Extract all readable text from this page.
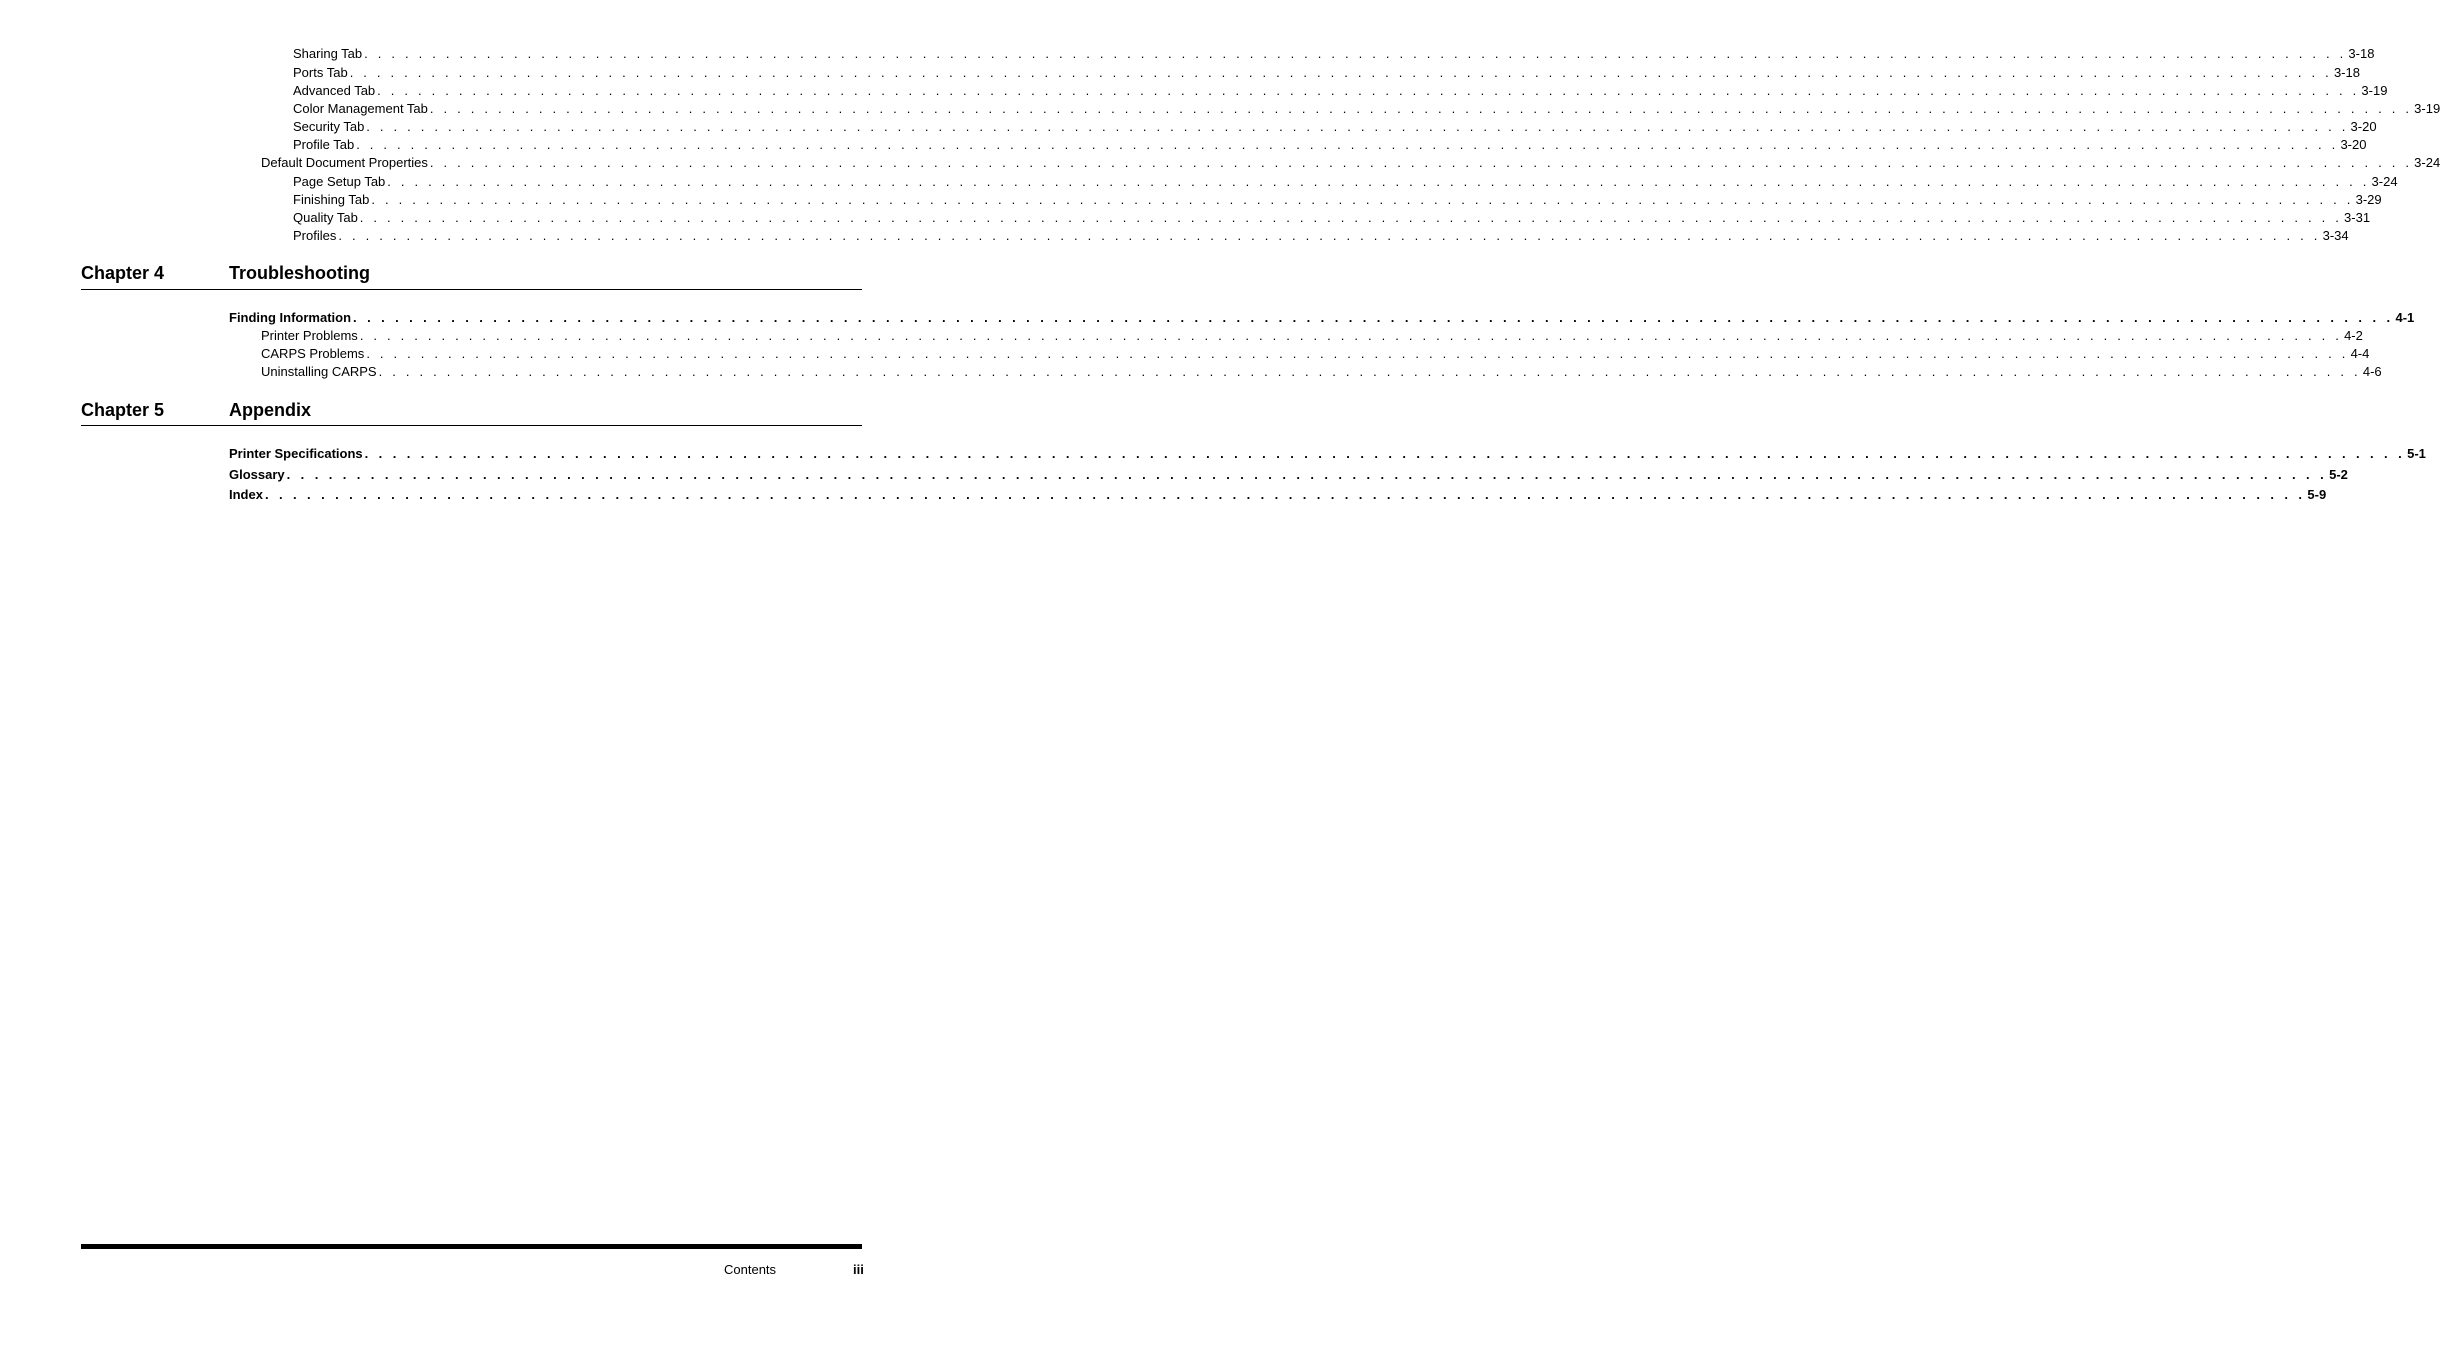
Sharing Tab . . . . . . . . . . . . . . . . . . . . . . . . . . . . . . . . . . . . . . . . . . . . . . . . . . . . . . . . . . . . . . . . . . . . . . . . . . . . . . . . . . . . . . . . . . . . . . . . . . . . . . . . . . . . . . . . . . . . . . . . . . . . . . . . . . . . . . . . . . . . . . . . . . 3-18
Ports Tab . . . . . . . . . . . . . . . . . . . . . . . . . . . . . . . . . . . . . . . . . . . . . . . . . . . . . . . . . . . . . . . . . . . . . . . . . . . . . . . . . . . . . . . . . . . . . . . . . . . . . . . . . . . . . . . . . . . . . . . . . . . . . . . . . . . . . . . . . . . . . . . . . . 3-18
Advanced Tab . . . . . . . . . . . . . . . . . . . . . . . . . . . . . . . . . . . . . . . . . . . . . . . . . . . . . . . . . . . . . . . . . . . . . . . . . . . . . . . . . . . . . . . . . . . . . . . . . . . . . . . . . . . . . . . . . . . . . . . . . . . . . . . . . . . . . . . . . . . . . . . . . . 3-19
Color Management Tab . . . . . . . . . . . . . . . . . . . . . . . . . . . . . . . . . . . . . . . . . . . . . . . . . . . . . . . . . . . . . . . . . . . . . . . . . . . . . . . . . . . . . . . . . . . . . . . . . . . . . . . . . . . . . . . . . . . . . . . . . . . . . . . . . . . . . . . . . . . . . . . . . . 3-19
Security Tab . . . . . . . . . . . . . . . . . . . . . . . . . . . . . . . . . . . . . . . . . . . . . . . . . . . . . . . . . . . . . . . . . . . . . . . . . . . . . . . . . . . . . . . . . . . . . . . . . . . . . . . . . . . . . . . . . . . . . . . . . . . . . . . . . . . . . . . . . . . . . . . . . . 3-20
Profile Tab . . . . . . . . . . . . . . . . . . . . . . . . . . . . . . . . . . . . . . . . . . . . . . . . . . . . . . . . . . . . . . . . . . . . . . . . . . . . . . . . . . . . . . . . . . . . . . . . . . . . . . . . . . . . . . . . . . . . . . . . . . . . . . . . . . . . . . . . . . . . . . . . . . 3-20
Default Document Properties . . . . . . . . . . . . . . . . . . . . . . . . . . . . . . . . . . . . . . . . . . . . . . . . . . . . . . . . . . . . . . . . . . . . . . . . . . . . . . . . . . . . . . . . . . . . . . . . . . . . . . . . . . . . . . . . . . . . . . . . . . . . . . . . . . . . . . . . . . . . . . . . . . 3-24
Page Setup Tab . . . . . . . . . . . . . . . . . . . . . . . . . . . . . . . . . . . . . . . . . . . . . . . . . . . . . . . . . . . . . . . . . . . . . . . . . . . . . . . . . . . . . . . . . . . . . . . . . . . . . . . . . . . . . . . . . . . . . . . . . . . . . . . . . . . . . . . . . . . . . . . . . . 3-24
Finishing Tab . . . . . . . . . . . . . . . . . . . . . . . . . . . . . . . . . . . . . . . . . . . . . . . . . . . . . . . . . . . . . . . . . . . . . . . . . . . . . . . . . . . . . . . . . . . . . . . . . . . . . . . . . . . . . . . . . . . . . . . . . . . . . . . . . . . . . . . . . . . . . . . . . . 3-29
Quality Tab . . . . . . . . . . . . . . . . . . . . . . . . . . . . . . . . . . . . . . . . . . . . . . . . . . . . . . . . . . . . . . . . . . . . . . . . . . . . . . . . . . . . . . . . . . . . . . . . . . . . . . . . . . . . . . . . . . . . . . . . . . . . . . . . . . . . . . . . . . . . . . . . . . 3-31
Profiles . . . . . . . . . . . . . . . . . . . . . . . . . . . . . . . . . . . . . . . . . . . . . . . . . . . . . . . . . . . . . . . . . . . . . . . . . . . . . . . . . . . . . . . . . . . . . . . . . . . . . . . . . . . . . . . . . . . . . . . . . . . . . . . . . . . . . . . . . . . . . . . . . . 3-34
Chapter 4	Troubleshooting
Finding Information . . . . . . . . . . . . . . . . . . . . . . . . . . . . . . . . . . . . . . . . . . . . . . . . . . . . . . . . . . . . . . . . . . . . . . . . . . . . . . . . . . . . . . . . . . . . . . . . . . . . . . . . . . . . . . . . . . . . . . . . . . . . . . . . . . . . . . . . . . . . . . . . . . 4-1
Printer Problems . . . . . . . . . . . . . . . . . . . . . . . . . . . . . . . . . . . . . . . . . . . . . . . . . . . . . . . . . . . . . . . . . . . . . . . . . . . . . . . . . . . . . . . . . . . . . . . . . . . . . . . . . . . . . . . . . . . . . . . . . . . . . . . . . . . . . . . . . . . . . . . . . . 4-2
CARPS Problems . . . . . . . . . . . . . . . . . . . . . . . . . . . . . . . . . . . . . . . . . . . . . . . . . . . . . . . . . . . . . . . . . . . . . . . . . . . . . . . . . . . . . . . . . . . . . . . . . . . . . . . . . . . . . . . . . . . . . . . . . . . . . . . . . . . . . . . . . . . . . . . . . . 4-4
Uninstalling CARPS . . . . . . . . . . . . . . . . . . . . . . . . . . . . . . . . . . . . . . . . . . . . . . . . . . . . . . . . . . . . . . . . . . . . . . . . . . . . . . . . . . . . . . . . . . . . . . . . . . . . . . . . . . . . . . . . . . . . . . . . . . . . . . . . . . . . . . . . . . . . . . . . . . 4-6
Chapter 5	Appendix
Printer Specifications . . . . . . . . . . . . . . . . . . . . . . . . . . . . . . . . . . . . . . . . . . . . . . . . . . . . . . . . . . . . . . . . . . . . . . . . . . . . . . . . . . . . . . . . . . . . . . . . . . . . . . . . . . . . . . . . . . . . . . . . . . . . . . . . . . . . . . . . . . . . . . . . . . 5-1
Glossary . . . . . . . . . . . . . . . . . . . . . . . . . . . . . . . . . . . . . . . . . . . . . . . . . . . . . . . . . . . . . . . . . . . . . . . . . . . . . . . . . . . . . . . . . . . . . . . . . . . . . . . . . . . . . . . . . . . . . . . . . . . . . . . . . . . . . . . . . . . . . . . . . . 5-2
Index . . . . . . . . . . . . . . . . . . . . . . . . . . . . . . . . . . . . . . . . . . . . . . . . . . . . . . . . . . . . . . . . . . . . . . . . . . . . . . . . . . . . . . . . . . . . . . . . . . . . . . . . . . . . . . . . . . . . . . . . . . . . . . . . . . . . . . . . . . . . . . . . . . 5-9
Contents	iii
